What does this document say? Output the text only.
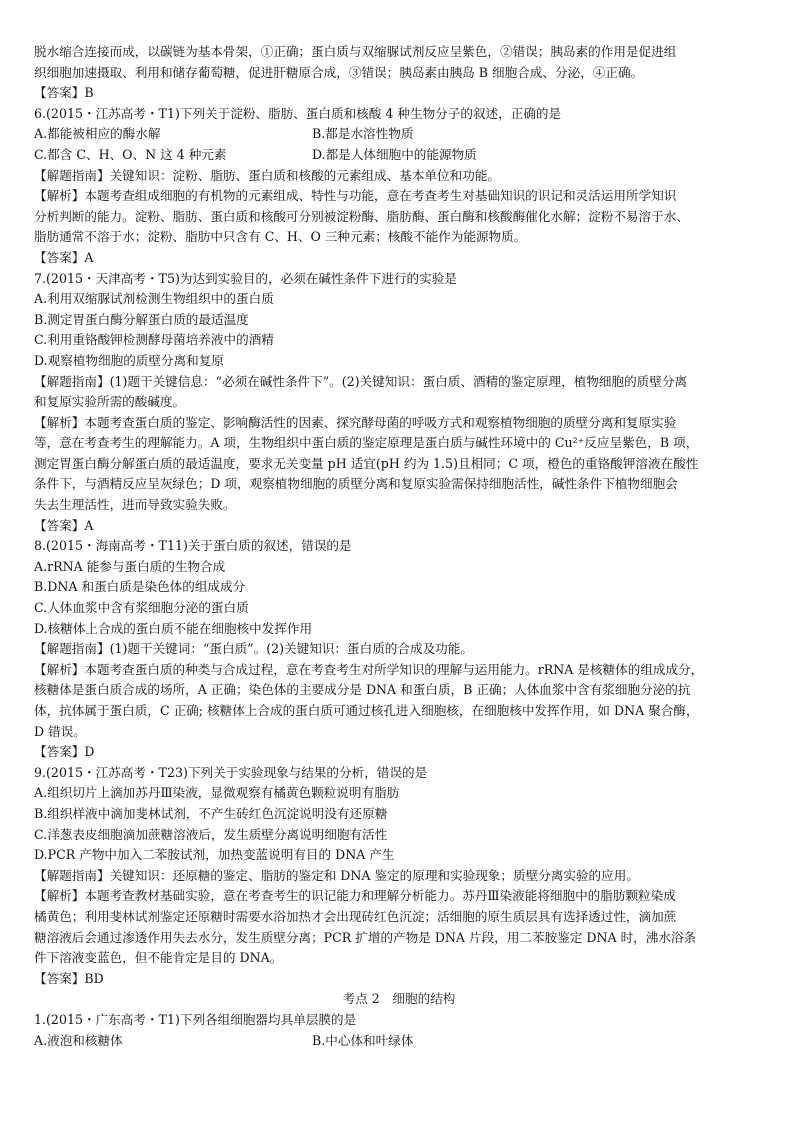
脱水缩合连接而成，以碳链为基本骨架，①正确；蛋白质与双缩脲试剂反应呈紫色，②错误；胰岛素的作用是促进组
织细胞加速摄取、利用和储存葡萄糖，促进肝糖原合成，③错误；胰岛素由胰岛 B 细胞合成、分泌，④正确。
【答案】B
6.(2015・江苏高考・T1)下列关于淀粉、脂肪、蛋白质和核酸 4 种生物分子的叙述，正确的是
A.都能被相应的酶水解	B.都是水溶性物质
C.都含 C、H、O、N 这 4 种元素	D.都是人体细胞中的能源物质
【解题指南】关键知识：淀粉、脂肪、蛋白质和核酸的元素组成、基本单位和功能。
【解析】本题考查组成细胞的有机物的元素组成、特性与功能，意在考查考生对基础知识的识记和灵活运用所学知识
分析判断的能力。淀粉、脂肪、蛋白质和核酸可分别被淀粉酶、脂肪酶、蛋白酶和核酸酶催化水解；淀粉不易溶于水、
脂肪通常不溶于水；淀粉、脂肪中只含有 C、H、O 三种元素；核酸不能作为能源物质。
【答案】A
7.(2015・天津高考・T5)为达到实验目的，必须在碱性条件下进行的实验是
A.利用双缩脲试剂检测生物组织中的蛋白质
B.测定胃蛋白酶分解蛋白质的最适温度
C.利用重铬酸钾检测酵母菌培养液中的酒精
D.观察植物细胞的质壁分离和复原
【解题指南】(1)题干关键信息：“必须在碱性条件下”。(2)关键知识：蛋白质、酒精的鉴定原理，植物细胞的质壁分离
和复原实验所需的酸碱度。
【解析】本题考查蛋白质的鉴定、影响酶活性的因素、探究酵母菌的呼吸方式和观察植物细胞的质壁分离和复原实验
等，意在考查考生的理解能力。A 项，生物组织中蛋白质的鉴定原理是蛋白质与碱性环境中的 Cu²⁺反应呈紫色，B 项，
测定胃蛋白酶分解蛋白质的最适温度，要求无关变量 pH 适宜(pH 约为 1.5)且相同；C 项，橙色的重铬酸钾溶液在酸性
条件下，与酒精反应呈灰绿色；D 项，观察植物细胞的质壁分离和复原实验需保持细胞活性，碱性条件下植物细胞会
失去生理活性，进而导致实验失败。
【答案】A
8.(2015・海南高考・T11)关于蛋白质的叙述，错误的是
A.rRNA 能参与蛋白质的生物合成
B.DNA 和蛋白质是染色体的组成成分
C.人体血浆中含有浆细胞分泌的蛋白质
D.核糖体上合成的蛋白质不能在细胞核中发挥作用
【解题指南】(1)题干关键词：“蛋白质”。(2)关键知识：蛋白质的合成及功能。
【解析】本题考查蛋白质的种类与合成过程，意在考查考生对所学知识的理解与运用能力。rRNA 是核糖体的组成成分，
核糖体是蛋白质合成的场所，A 正确；染色体的主要成分是 DNA 和蛋白质，B 正确；人体血浆中含有浆细胞分泌的抗
体，抗体属于蛋白质，C 正确; 核糖体上合成的蛋白质可通过核孔进入细胞核，在细胞核中发挥作用，如 DNA 聚合酶，
D 错误。
【答案】D
9.(2015・江苏高考・T23)下列关于实验现象与结果的分析，错误的是
A.组织切片上滴加苏丹Ⅲ染液，显微观察有橘黄色颗粒说明有脂肪
B.组织样液中滴加斐林试剂，不产生砖红色沉淀说明没有还原糖
C.洋葱表皮细胞滴加蔗糖溶液后，发生质壁分离说明细胞有活性
D.PCR 产物中加入二苯胺试剂，加热变蓝说明有目的 DNA 产生
【解题指南】关键知识：还原糖的鉴定、脂肪的鉴定和 DNA 鉴定的原理和实验现象；质壁分离实验的应用。
【解析】本题考查教材基础实验，意在考查考生的识记能力和理解分析能力。苏丹Ⅲ染液能将细胞中的脂肪颗粒染成
橘黄色；利用斐林试剂鉴定还原糖时需要水浴加热才会出现砖红色沉淀；活细胞的原生质层具有选择透过性，滴加蔗
糖溶液后会通过渗透作用失去水分，发生质壁分离；PCR 扩增的产物是 DNA 片段，用二苯胺鉴定 DNA 时，沸水浴条
件下溶液变蓝色，但不能肯定是目的 DNA。
【答案】BD
考点 2　细胞的结构
1.(2015・广东高考・T1)下列各组细胞器均具单层膜的是
A.液泡和核糖体	B.中心体和叶绿体
